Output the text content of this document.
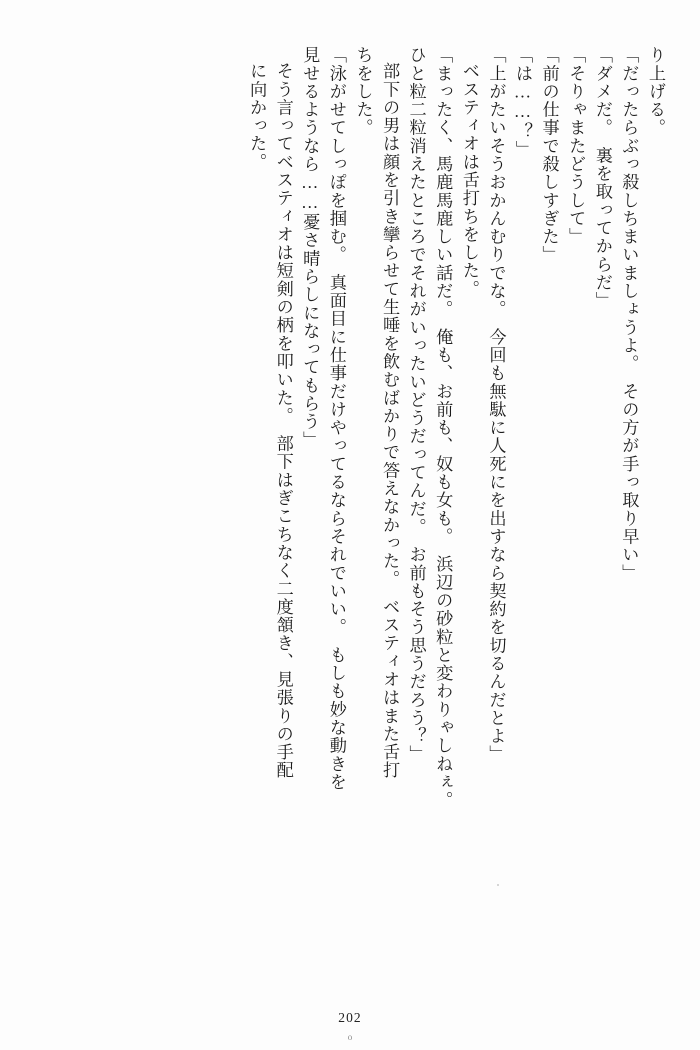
り上げる。
「だったらぶっ殺しちまいましょうよ。　その方が手っ取り早い」
「ダメだ。　裏を取ってからだ」
「そりゃまたどうして」
「前の仕事で殺しすぎた」
「は……？」
「上がたいそうおかんむりでな。　今回も無駄に人死にを出すなら契約を切るんだとよ」
ベスティオは舌打ちをした。
「まったく、馬鹿馬鹿しい話だ。　俺も、お前も、奴も女も。　浜辺の砂粒と変わりゃしねぇ。
ひと粒二粒消えたところでそれがいったいどうだってんだ。　お前もそう思うだろう？」
部下の男は顔を引き攣らせて生唾を飲むばかりで答えなかった。　ベスティオはまた舌打
ちをした。
「泳がせてしっぽを掴む。　真面目に仕事だけやってるならそれでいい。　もしも妙な動きを
見せるようなら……憂さ晴らしになってもらう」
そう言ってベスティオは短剣の柄を叩いた。　部下はぎこちなく二度頷き、見張りの手配
に向かった。
202
o
